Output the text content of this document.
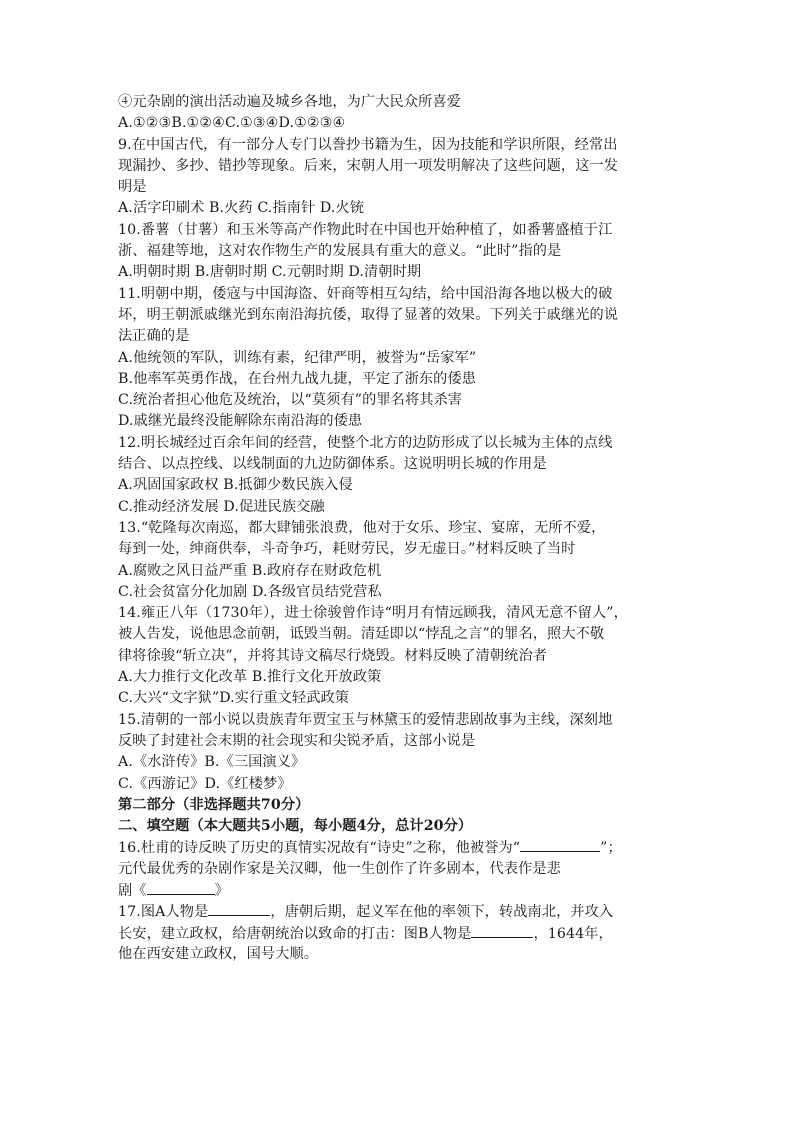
④元杂剧的演出活动遍及城乡各地，为广大民众所喜爱
A.①②③B.①②④C.①③④D.①②③④
9.在中国古代，有一部分人专门以誊抄书籍为生，因为技能和学识所限，经常出
现漏抄、多抄、错抄等现象。后来，宋朝人用一项发明解决了这些问题，这一发
明是
A.活字印刷术 B.火药 C.指南针 D.火铳
10.番薯（甘薯）和玉米等高产作物此时在中国也开始种植了，如番薯盛植于江
浙、福建等地，这对农作物生产的发展具有重大的意义。“此时”指的是
A.明朝时期 B.唐朝时期 C.元朝时期 D.清朝时期
11.明朝中期，倭寇与中国海盗、奸商等相互勾结，给中国沿海各地以极大的破
坏，明王朝派戚继光到东南沿海抗倭，取得了显著的效果。下列关于戚继光的说
法正确的是
A.他统领的军队，训练有素，纪律严明，被誉为“岳家军”
B.他率军英勇作战，在台州九战九捷，平定了浙东的倭患
C.统治者担心他危及统治，以“莫须有”的罪名将其杀害
D.戚继光最终没能解除东南沿海的倭患
12.明长城经过百余年间的经营，使整个北方的边防形成了以长城为主体的点线
结合、以点控线、以线制面的九边防御体系。这说明明长城的作用是
A.巩固国家政权 B.抵御少数民族入侵
C.推动经济发展 D.促进民族交融
13.“乾隆每次南巡，都大肆铺张浪费，他对于女乐、珍宝、宴席，无所不爱，
每到一处，绅商供奉，斗奇争巧，耗财劳民，岁无虚日。”材料反映了当时
A.腐败之风日益严重 B.政府存在财政危机
C.社会贫富分化加剧 D.各级官员结党营私
14.雍正八年（1730年），进士徐骏曾作诗“明月有情远顾我，清风无意不留人”，
被人告发，说他思念前朝，诋毁当朝。清廷即以“悖乱之言”的罪名，照大不敬
律将徐骏“斩立决”，并将其诗文稿尽行烧毁。材料反映了清朝统治者
A.大力推行文化改革 B.推行文化开放政策
C.大兴“文字狱”D.实行重文轻武政策
15.清朝的一部小说以贵族青年贾宝玉与林黛玉的爱情悲剧故事为主线，深刻地
反映了封建社会末期的社会现实和尖锐矛盾，这部小说是
A.《水浒传》B.《三国演义》
C.《西游记》D.《红楼梦》
第二部分（非选择题共70分）
二、填空题（本大题共5小题，每小题4分，总计20分）
16.杜甫的诗反映了历史的真情实况故有“诗史”之称，他被誉为“	”；
元代最优秀的杂剧作家是关汉卿，他一生创作了许多剧本，代表作是悲
剧《	》
17.图A人物是	，唐朝后期，起义军在他的率领下，转战南北，并攻入
长安，建立政权，给唐朝统治以致命的打击：图B人物是	，1644年，
他在西安建立政权，国号大顺。
